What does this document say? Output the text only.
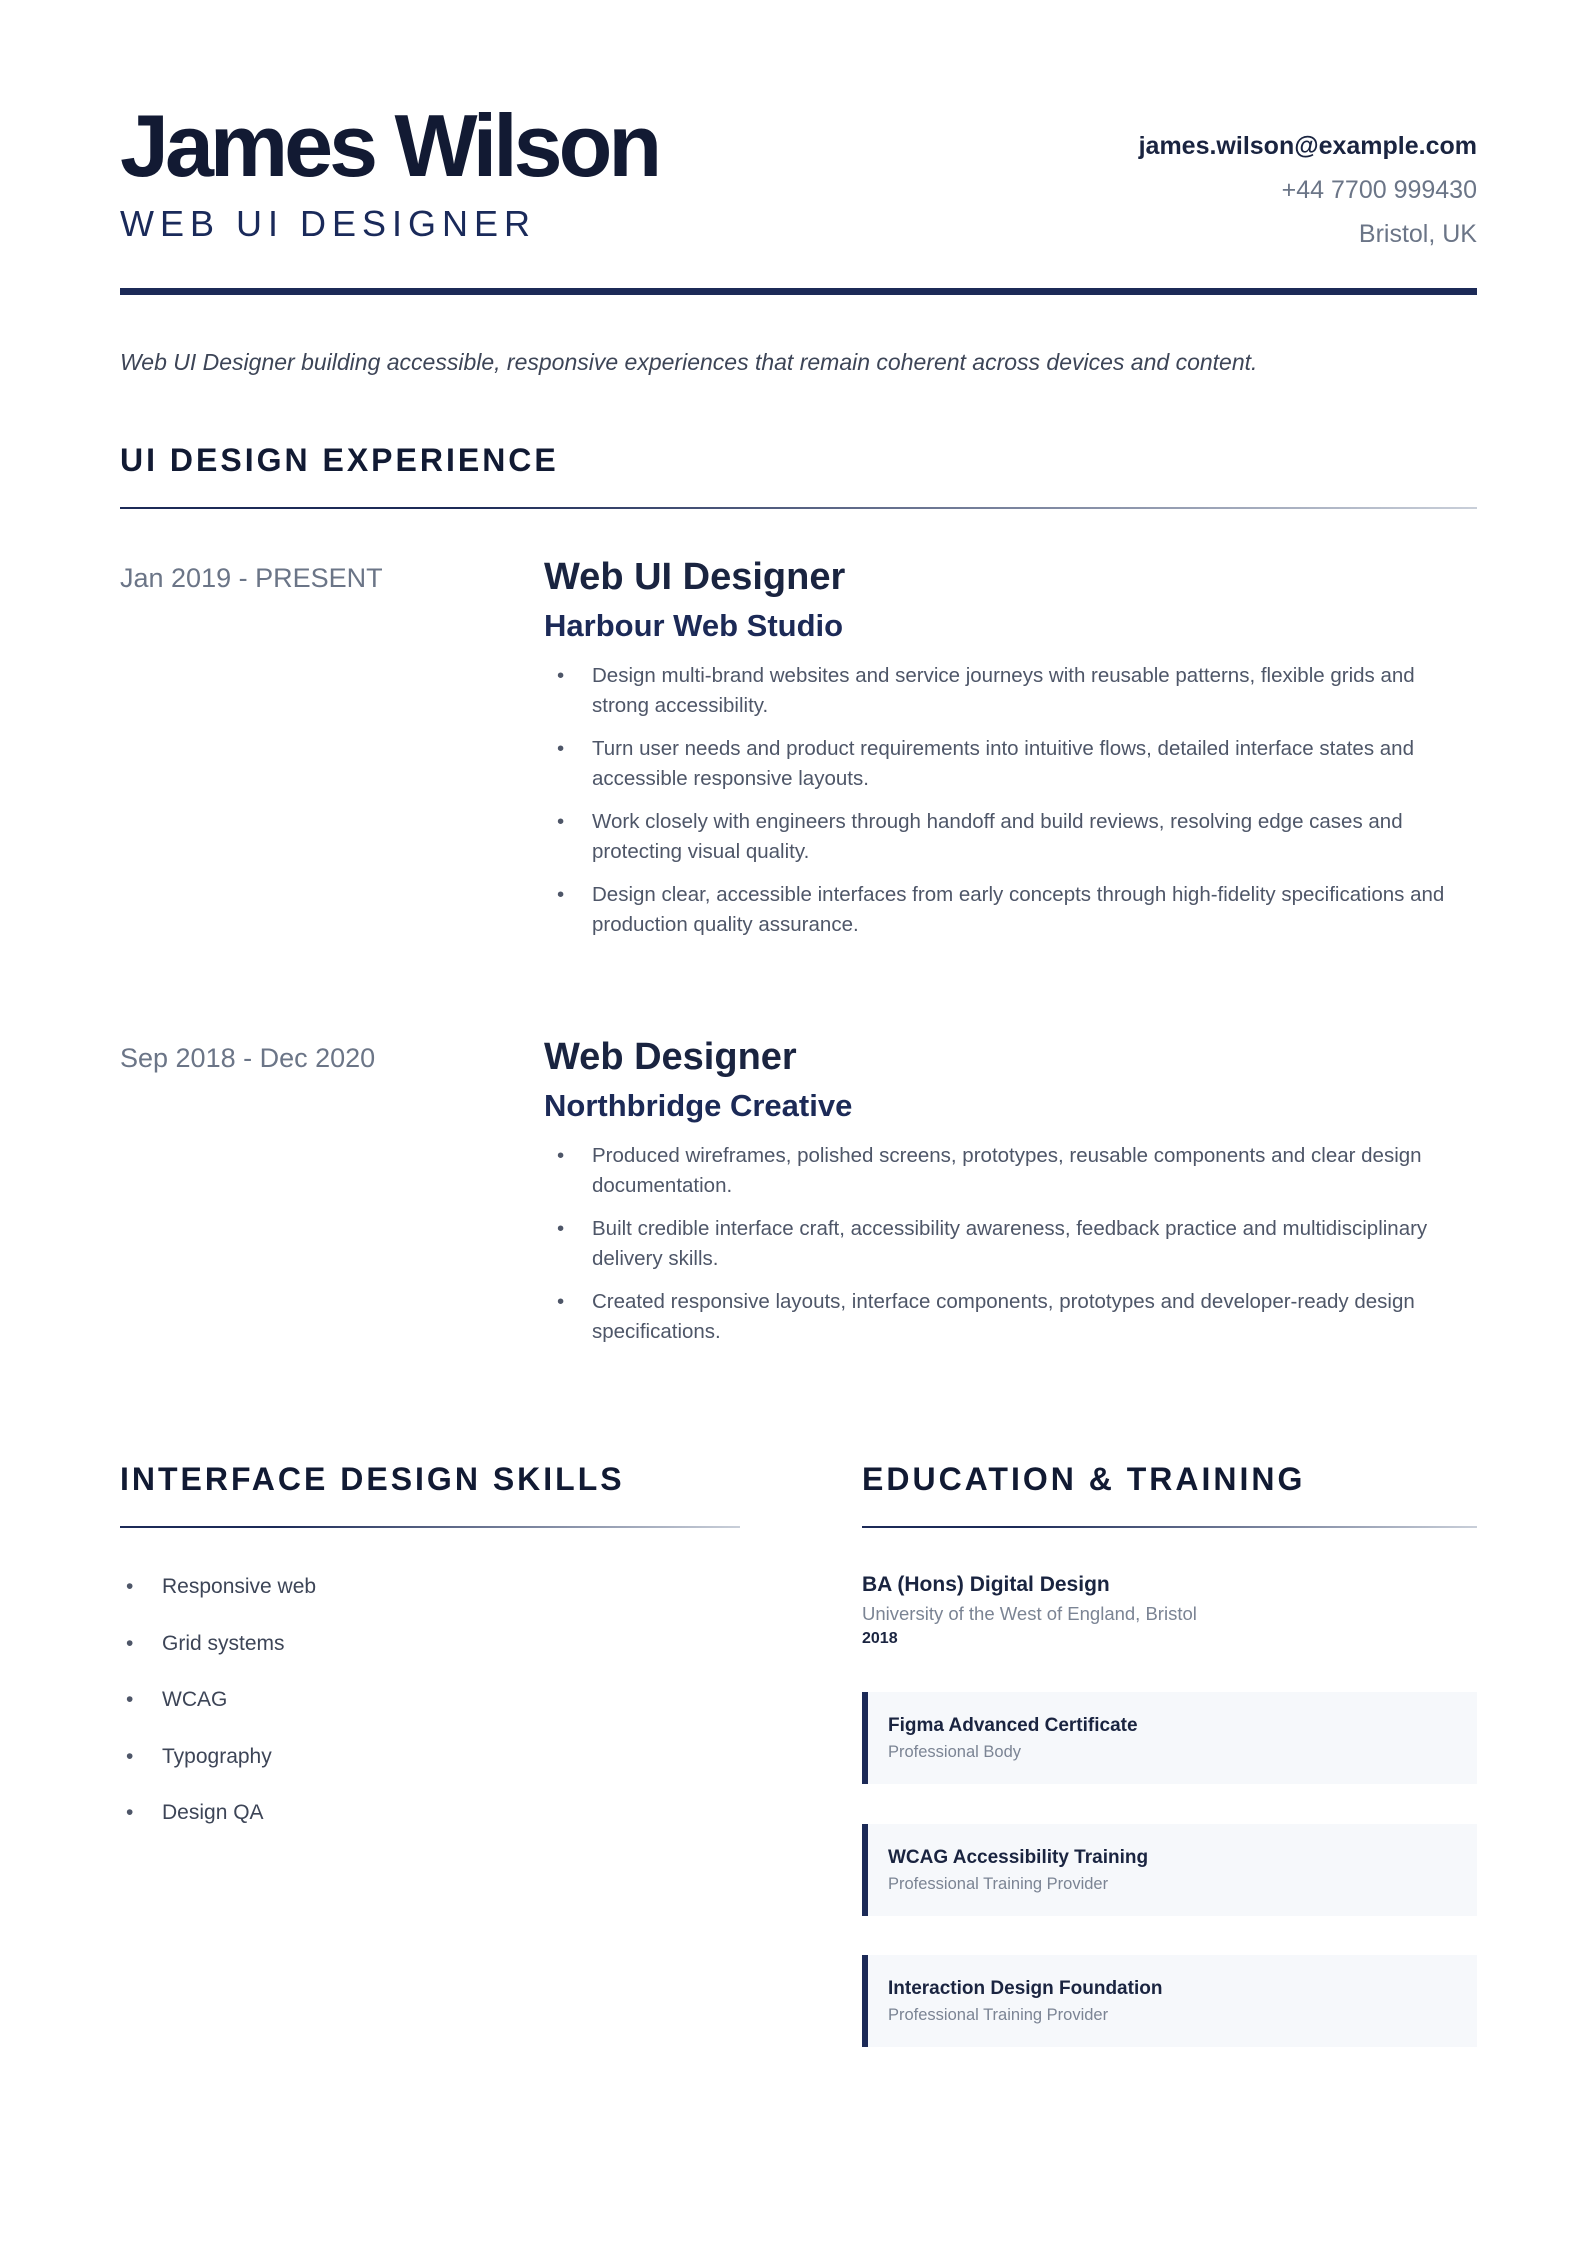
James Wilson
WEB UI DESIGNER
james.wilson@example.com
+44 7700 999430
Bristol, UK
Web UI Designer building accessible, responsive experiences that remain coherent across devices and content.
UI DESIGN EXPERIENCE
Jan 2019 - PRESENT	Web UI Designer
Harbour Web Studio
• Design multi-brand websites and service journeys with reusable patterns, flexible grids and strong accessibility.
• Turn user needs and product requirements into intuitive flows, detailed interface states and accessible responsive layouts.
• Work closely with engineers through handoff and build reviews, resolving edge cases and protecting visual quality.
• Design clear, accessible interfaces from early concepts through high-fidelity specifications and production quality assurance.
Sep 2018 - Dec 2020	Web Designer
Northbridge Creative
• Produced wireframes, polished screens, prototypes, reusable components and clear design documentation.
• Built credible interface craft, accessibility awareness, feedback practice and multidisciplinary delivery skills.
• Created responsive layouts, interface components, prototypes and developer-ready design specifications.
INTERFACE DESIGN SKILLS
• Responsive web
• Grid systems
• WCAG
• Typography
• Design QA
EDUCATION & TRAINING
BA (Hons) Digital Design
University of the West of England, Bristol
2018
Figma Advanced Certificate
Professional Body
WCAG Accessibility Training
Professional Training Provider
Interaction Design Foundation
Professional Training Provider
